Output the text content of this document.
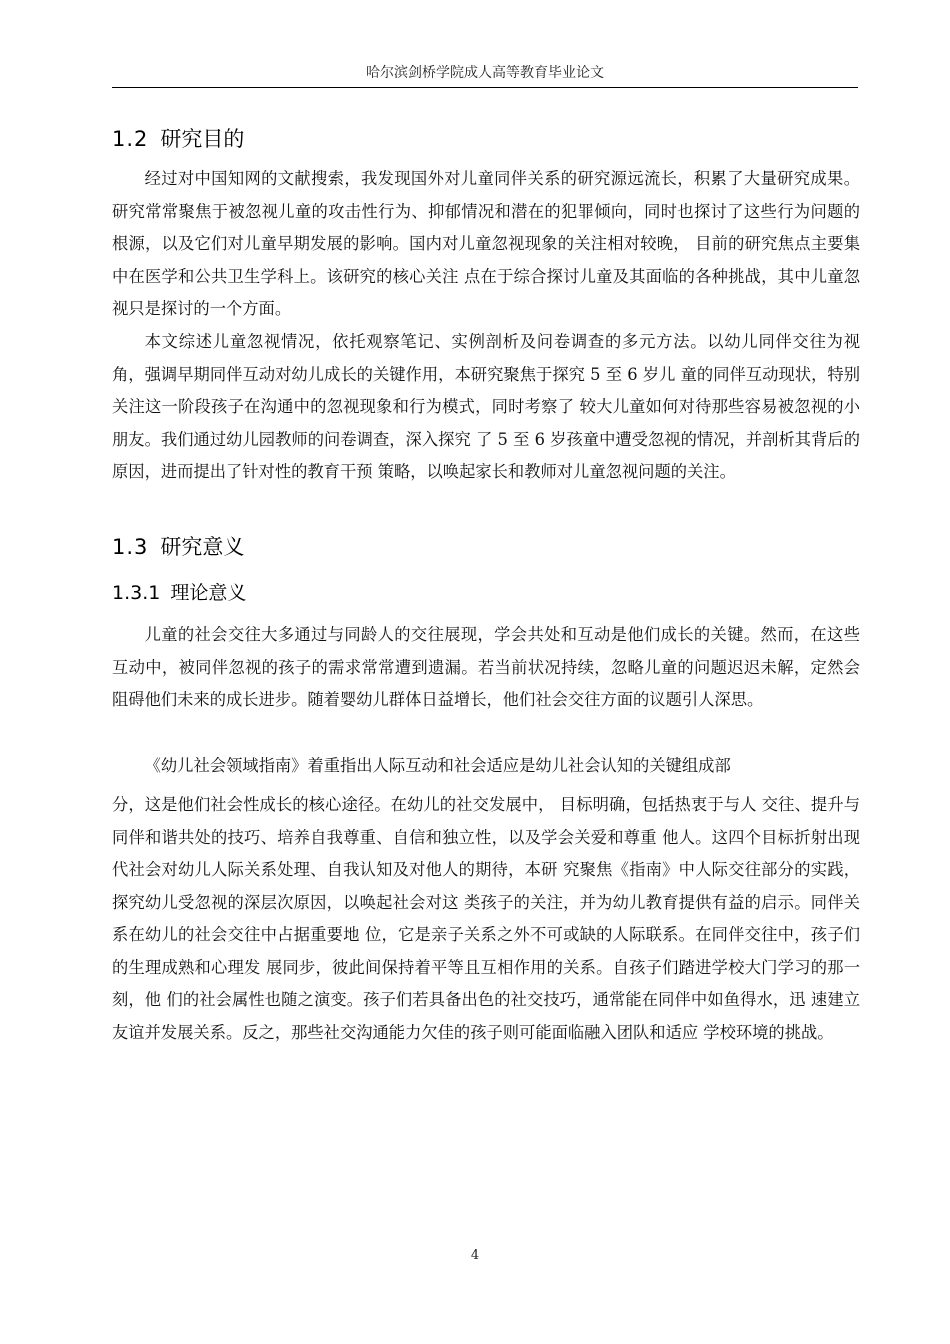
哈尔滨剑桥学院成人高等教育毕业论文
1.2 研究目的

经过对中国知网的文献搜索，我发现国外对儿童同伴关系的研究源远流长，积累了大量研究成果。研究常常聚焦于被忽视儿童的攻击性行为、抑郁情况和潜在的犯罪倾向，同时也探讨了这些行为问题的根源，以及它们对儿童早期发展的影响。国内对儿童忽视现象的关注相对较晚， 目前的研究焦点主要集中在医学和公共卫生学科上。该研究的核心关注 点在于综合探讨儿童及其面临的各种挑战，其中儿童忽视只是探讨的一个方面。

本文综述儿童忽视情况，依托观察笔记、实例剖析及问卷调查的多元方法。以幼儿同伴交往为视角，强调早期同伴互动对幼儿成长的关键作用，本研究聚焦于探究 5 至 6 岁儿 童的同伴互动现状，特别关注这一阶段孩子在沟通中的忽视现象和行为模式，同时考察了 较大儿童如何对待那些容易被忽视的小朋友。我们通过幼儿园教师的问卷调查，深入探究 了 5 至 6 岁孩童中遭受忽视的情况，并剖析其背后的原因，进而提出了针对性的教育干预 策略，以唤起家长和教师对儿童忽视问题的关注。

1.3 研究意义
1.3.1 理论意义

儿童的社会交往大多通过与同龄人的交往展现，学会共处和互动是他们成长的关键。然而，在这些互动中，被同伴忽视的孩子的需求常常遭到遗漏。若当前状况持续，忽略儿童的问题迟迟未解，定然会阻碍他们未来的成长进步。随着婴幼儿群体日益增长，他们社会交往方面的议题引人深思。

《幼儿社会领域指南》着重指出人际互动和社会适应是幼儿社会认知的关键组成部

分，这是他们社会性成长的核心途径。在幼儿的社交发展中， 目标明确，包括热衷于与人 交往、提升与同伴和谐共处的技巧、培养自我尊重、自信和独立性，以及学会关爱和尊重 他人。这四个目标折射出现代社会对幼儿人际关系处理、自我认知及对他人的期待，本研 究聚焦《指南》中人际交往部分的实践，探究幼儿受忽视的深层次原因，以唤起社会对这 类孩子的关注，并为幼儿教育提供有益的启示。同伴关系在幼儿的社会交往中占据重要地 位，它是亲子关系之外不可或缺的人际联系。在同伴交往中，孩子们的生理成熟和心理发 展同步，彼此间保持着平等且互相作用的关系。自孩子们踏进学校大门学习的那一刻，他 们的社会属性也随之演变。孩子们若具备出色的社交技巧，通常能在同伴中如鱼得水，迅 速建立友谊并发展关系。反之，那些社交沟通能力欠佳的孩子则可能面临融入团队和适应 学校环境的挑战。

4
